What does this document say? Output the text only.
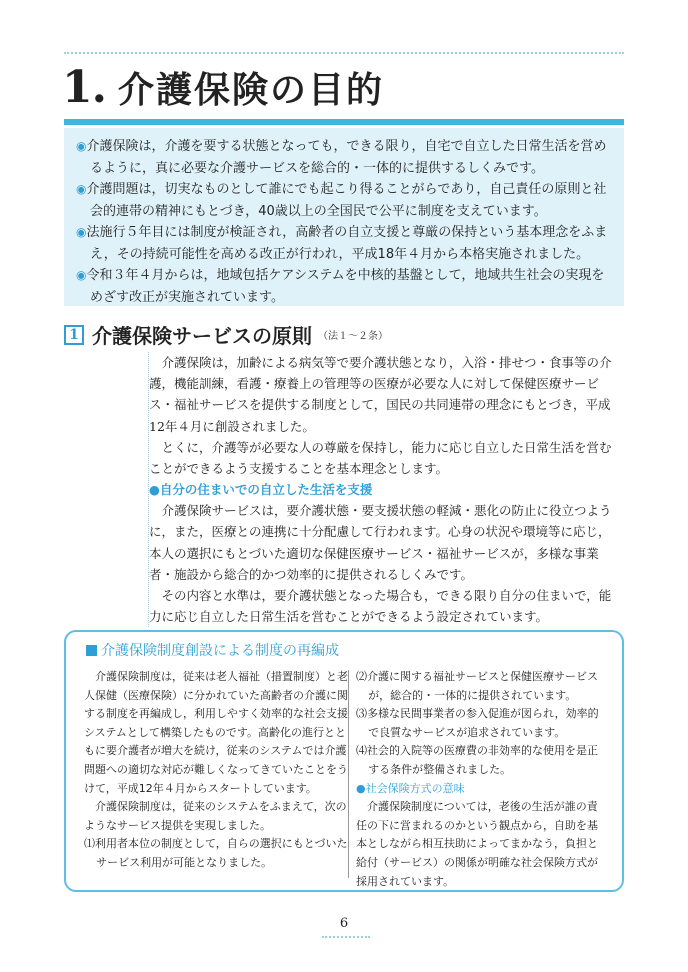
1. 介護保険の目的
◉介護保険は，介護を要する状態となっても，できる限り，自宅で自立した日常生活を営めるように，真に必要な介護サービスを総合的・一体的に提供するしくみです。
◉介護問題は，切実なものとして誰にでも起こり得ることがらであり，自己責任の原則と社会的連帯の精神にもとづき，40歳以上の全国民で公平に制度を支えています。
◉法施行５年目には制度が検証され，高齢者の自立支援と尊厳の保持という基本理念をふまえ，その持続可能性を高める改正が行われ，平成18年４月から本格実施されました。
◉令和３年４月からは，地域包括ケアシステムを中核的基盤として，地域共生社会の実現をめざす改正が実施されています。
1 介護保険サービスの原則 （法１～２条）
介護保険は，加齢による病気等で要介護状態となり，入浴・排せつ・食事等の介護，機能訓練，看護・療養上の管理等の医療が必要な人に対して保健医療サービス・福祉サービスを提供する制度として，国民の共同連帯の理念にもとづき，平成12年４月に創設されました。
とくに，介護等が必要な人の尊厳を保持し，能力に応じ自立した日常生活を営むことができるよう支援することを基本理念とします。
●自分の住まいでの自立した生活を支援
介護保険サービスは，要介護状態・要支援状態の軽減・悪化の防止に役立つように，また，医療との連携に十分配慮して行われます。心身の状況や環境等に応じ，本人の選択にもとづいた適切な保健医療サービス・福祉サービスが，多様な事業者・施設から総合的かつ効率的に提供されるしくみです。
その内容と水準は，要介護状態となった場合も，できる限り自分の住まいで，能力に応じ自立した日常生活を営むことができるよう設定されています。
介護保険制度創設による制度の再編成
介護保険制度は，従来は老人福祉（措置制度）と老人保健（医療保険）に分かれていた高齢者の介護に関する制度を再編成し，利用しやすく効率的な社会支援システムとして構築したものです。高齢化の進行とともに要介護者が増大を続け，従来のシステムでは介護問題への適切な対応が難しくなってきていたことをうけて，平成12年４月からスタートしています。
介護保険制度は，従来のシステムをふまえて，次のようなサービス提供を実現しました。
⑴利用者本位の制度として，自らの選択にもとづいたサービス利用が可能となりました。
⑵介護に関する福祉サービスと保健医療サービスが，総合的・一体的に提供されています。
⑶多様な民間事業者の参入促進が図られ，効率的で良質なサービスが追求されています。
⑷社会的入院等の医療費の非効率的な使用を是正する条件が整備されました。
●社会保険方式の意味
介護保険制度については，老後の生活が誰の責任の下に営まれるのかという観点から，自助を基本としながら相互扶助によってまかなう，負担と給付（サービス）の関係が明確な社会保険方式が採用されています。
6
